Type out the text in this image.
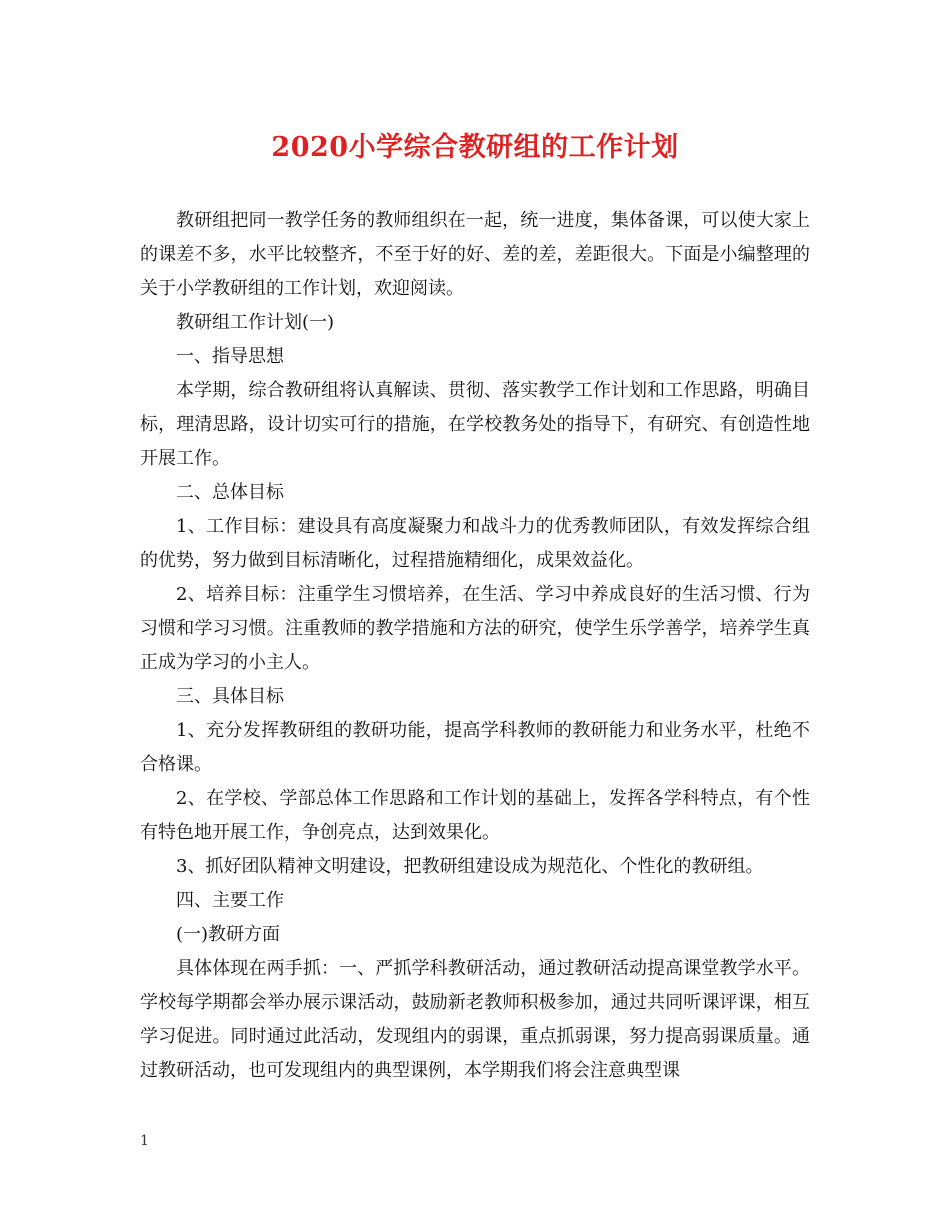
2020小学综合教研组的工作计划

教研组把同一教学任务的教师组织在一起，统一进度，集体备课，可以使大家上的课差不多，水平比较整齐，不至于好的好、差的差，差距很大。下面是小编整理的关于小学教研组的工作计划，欢迎阅读。

教研组工作计划(一)

一、指导思想

本学期，综合教研组将认真解读、贯彻、落实教学工作计划和工作思路，明确目标，理清思路，设计切实可行的措施，在学校教务处的指导下，有研究、有创造性地开展工作。

二、总体目标

1、工作目标：建设具有高度凝聚力和战斗力的优秀教师团队，有效发挥综合组的优势，努力做到目标清晰化，过程措施精细化，成果效益化。

2、培养目标：注重学生习惯培养，在生活、学习中养成良好的生活习惯、行为习惯和学习习惯。注重教师的教学措施和方法的研究，使学生乐学善学，培养学生真正成为学习的小主人。

三、具体目标

1、充分发挥教研组的教研功能，提高学科教师的教研能力和业务水平，杜绝不合格课。

2、在学校、学部总体工作思路和工作计划的基础上，发挥各学科特点，有个性有特色地开展工作，争创亮点，达到效果化。

3、抓好团队精神文明建设，把教研组建设成为规范化、个性化的教研组。

四、主要工作

(一)教研方面

具体体现在两手抓：一、严抓学科教研活动，通过教研活动提高课堂教学水平。学校每学期都会举办展示课活动，鼓励新老教师积极参加，通过共同听课评课，相互学习促进。同时通过此活动，发现组内的弱课，重点抓弱课，努力提高弱课质量。通过教研活动，也可发现组内的典型课例，本学期我们将会注意典型课

1
